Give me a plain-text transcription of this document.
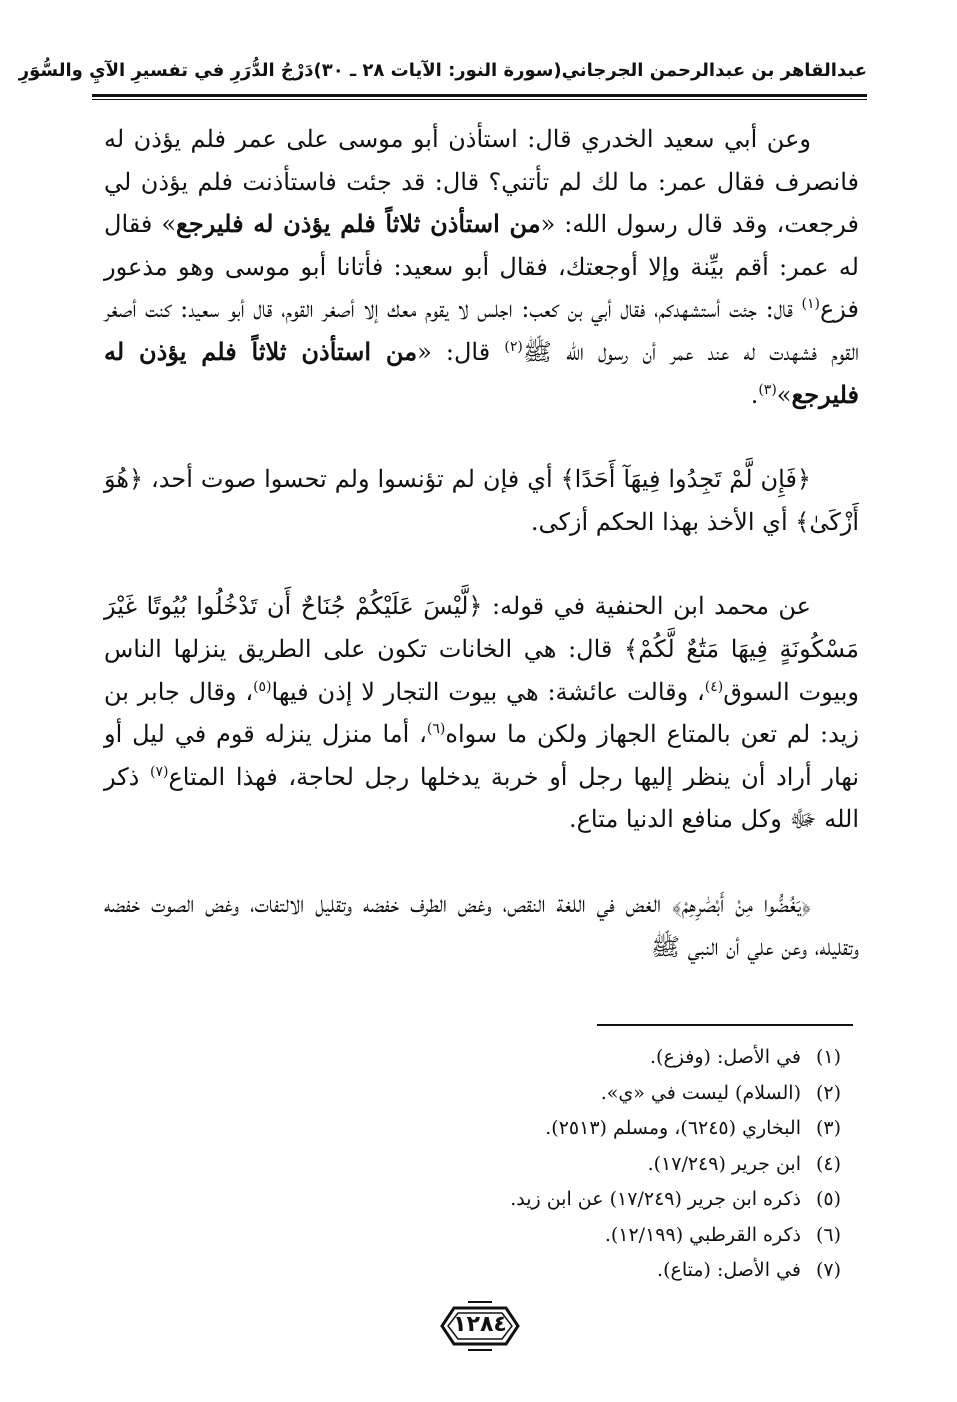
عبدالقاهر بن عبدالرحمن الجرجاني
(سورة النور: الآيات ٢٨ ـ ٣٠)
دَرْجُ الدُّرَرِ في تفسيرِ الآيِ والسُّوَرِ

وعن أبي سعيد الخدري قال: استأذن أبو موسى على عمر فلم يؤذن له فانصرف فقال عمر: ما لك لم تأتني؟ قال: قد جئت فاستأذنت فلم يؤذن لي فرجعت، وقد قال رسول الله: «من استأذن ثلاثاً فلم يؤذن له فليرجع» فقال له عمر: أقم بيِّنة وإلا أوجعتك، فقال أبو سعيد: فأتانا أبو موسى وهو مذعور فزع$^{(١)}$ قال: جئت أستشهدكم، فقال أبي بن كعب: اجلس لا يقوم معك إلا أصغر القوم، قال أبو سعيد: كنت أصغر القوم فشهدت له عند عمر أن رسول الله ﷺ$^{(٢)}$ قال: «من استأذن ثلاثاً فلم يؤذن له فليرجع»$^{(٣)}$.

﴿فَإِن لَّمْ تَجِدُوا فِيهَآ أَحَدًا﴾ أي فإن لم تؤنسوا ولم تحسوا صوت أحد، ﴿هُوَ أَزْكَىٰ﴾ أي الأخذ بهذا الحكم أزكى.

عن محمد ابن الحنفية في قوله: ﴿لَّيْسَ عَلَيْكُمْ جُنَاحٌ أَن تَدْخُلُوا بُيُوتًا غَيْرَ مَسْكُونَةٍ فِيهَا مَتَٰعٌ لَّكُمْ﴾ قال: هي الخانات تكون على الطريق ينزلها الناس وبيوت السوق$^{(٤)}$، وقالت عائشة: هي بيوت التجار لا إذن فيها$^{(٥)}$، وقال جابر بن زيد: لم تعن بالمتاع الجهاز ولكن ما سواه$^{(٦)}$، أما منزل ينزله قوم في ليل أو نهار أراد أن ينظر إليها رجل أو خربة يدخلها رجل لحاجة، فهذا المتاع$^{(٧)}$ ذكر الله ﷻ وكل منافع الدنيا متاع.

﴿يَغُضُّوا مِنْ أَبْصَٰرِهِمْ﴾ الغض في اللغة النقص، وغض الطرف خفضه وتقليل الالتفات، وغض الصوت خفضه وتقليله، وعن علي أن النبي ﷺ

(١)في الأصل: (وفزع).

(٢)(السلام) ليست في «ي».

(٣)البخاري (٦٢٤٥)، ومسلم (٢٥١٣).

(٤)ابن جرير (١٧/٢٤٩).

(٥)ذكره ابن جرير (١٧/٢٤٩) عن ابن زيد.

(٦)ذكره القرطبي (١٢/١٩٩).

(٧)في الأصل: (متاع).

١٢٨٤
